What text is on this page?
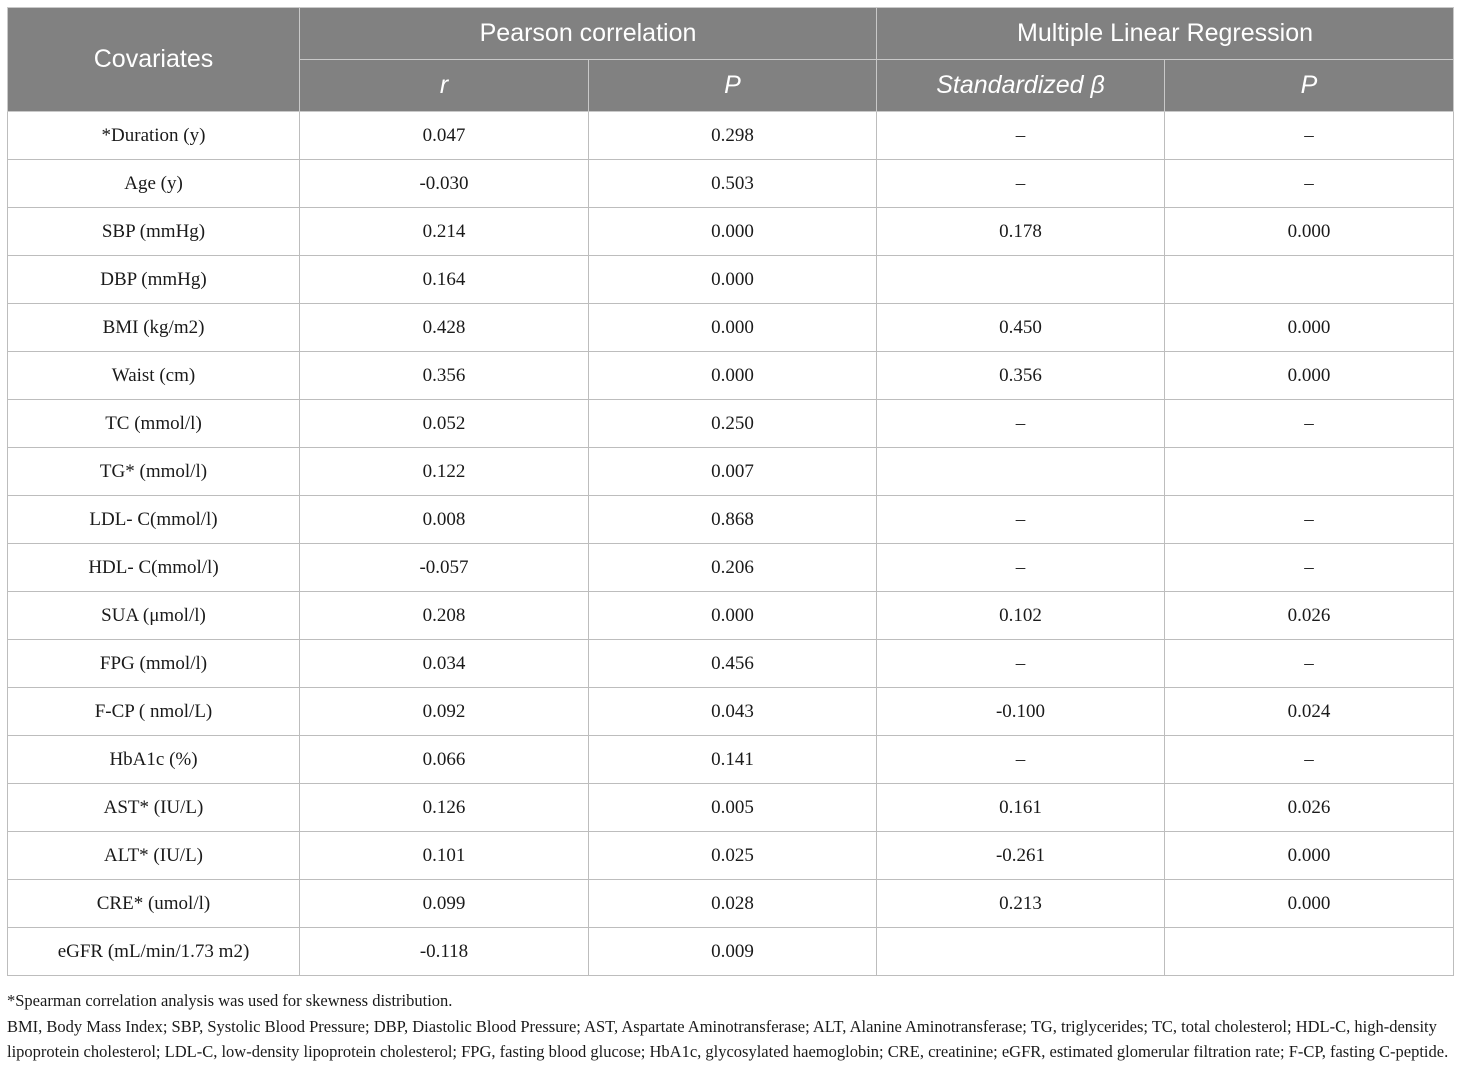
Covariates	Pearson correlation		Multiple Linear Regression	
	r	P	Standardized β	P
*Duration (y)	0.047	0.298	–	–
Age (y)	-0.030	0.503	–	–
SBP (mmHg)	0.214	0.000	0.178	0.000
DBP (mmHg)	0.164	0.000		
BMI (kg/m2)	0.428	0.000	0.450	0.000
Waist (cm)	0.356	0.000	0.356	0.000
TC (mmol/l)	0.052	0.250	–	–
TG* (mmol/l)	0.122	0.007		
LDL- C(mmol/l)	0.008	0.868	–	–
HDL- C(mmol/l)	-0.057	0.206	–	–
SUA (μmol/l)	0.208	0.000	0.102	0.026
FPG (mmol/l)	0.034	0.456	–	–
F-CP ( nmol/L)	0.092	0.043	-0.100	0.024
HbA1c (%)	0.066	0.141	–	–
AST* (IU/L)	0.126	0.005	0.161	0.026
ALT* (IU/L)	0.101	0.025	-0.261	0.000
CRE* (umol/l)	0.099	0.028	0.213	0.000
eGFR (mL/min/1.73 m2)	-0.118	0.009		

*Spearman correlation analysis was used for skewness distribution.

BMI, Body Mass Index; SBP, Systolic Blood Pressure; DBP, Diastolic Blood Pressure; AST, Aspartate Aminotransferase; ALT, Alanine Aminotransferase; TG, triglycerides; TC, total cholesterol; HDL-C, high-density lipoprotein cholesterol; LDL-C, low-density lipoprotein cholesterol; FPG, fasting blood glucose; HbA1c, glycosylated haemoglobin; CRE, creatinine; eGFR, estimated glomerular filtration rate; F-CP, fasting C-peptide.
